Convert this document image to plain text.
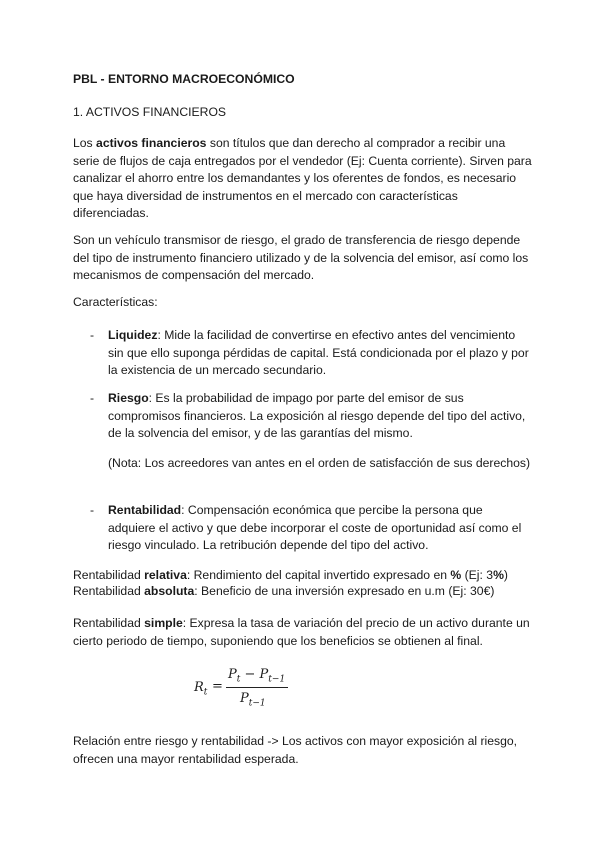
PBL - ENTORNO MACROECONÓMICO
1. ACTIVOS FINANCIEROS
Los activos financieros son títulos que dan derecho al comprador a recibir una serie de flujos de caja entregados por el vendedor (Ej: Cuenta corriente). Sirven para canalizar el ahorro entre los demandantes y los oferentes de fondos, es necesario que haya diversidad de instrumentos en el mercado con características diferenciadas.
Son un vehículo transmisor de riesgo, el grado de transferencia de riesgo depende del tipo de instrumento financiero utilizado y de la solvencia del emisor, así como los mecanismos de compensación del mercado.
Características:
- Liquidez: Mide la facilidad de convertirse en efectivo antes del vencimiento sin que ello suponga pérdidas de capital. Está condicionada por el plazo y por la existencia de un mercado secundario.
- Riesgo: Es la probabilidad de impago por parte del emisor de sus compromisos financieros. La exposición al riesgo depende del tipo del activo, de la solvencia del emisor, y de las garantías del mismo.
(Nota: Los acreedores van antes en el orden de satisfacción de sus derechos)
- Rentabilidad: Compensación económica que percibe la persona que adquiere el activo y que debe incorporar el coste de oportunidad así como el riesgo vinculado. La retribución depende del tipo del activo.
Rentabilidad relativa: Rendimiento del capital invertido expresado en % (Ej: 3%)
Rentabilidad absoluta: Beneficio de una inversión expresado en u.m (Ej: 30€)
Rentabilidad simple: Expresa la tasa de variación del precio de un activo durante un cierto periodo de tiempo, suponiendo que los beneficios se obtienen al final.
Relación entre riesgo y rentabilidad -> Los activos con mayor exposición al riesgo, ofrecen una mayor rentabilidad esperada.
$R_t$ =
$P_t - P_{t-1}$
$P_{t-1}$
